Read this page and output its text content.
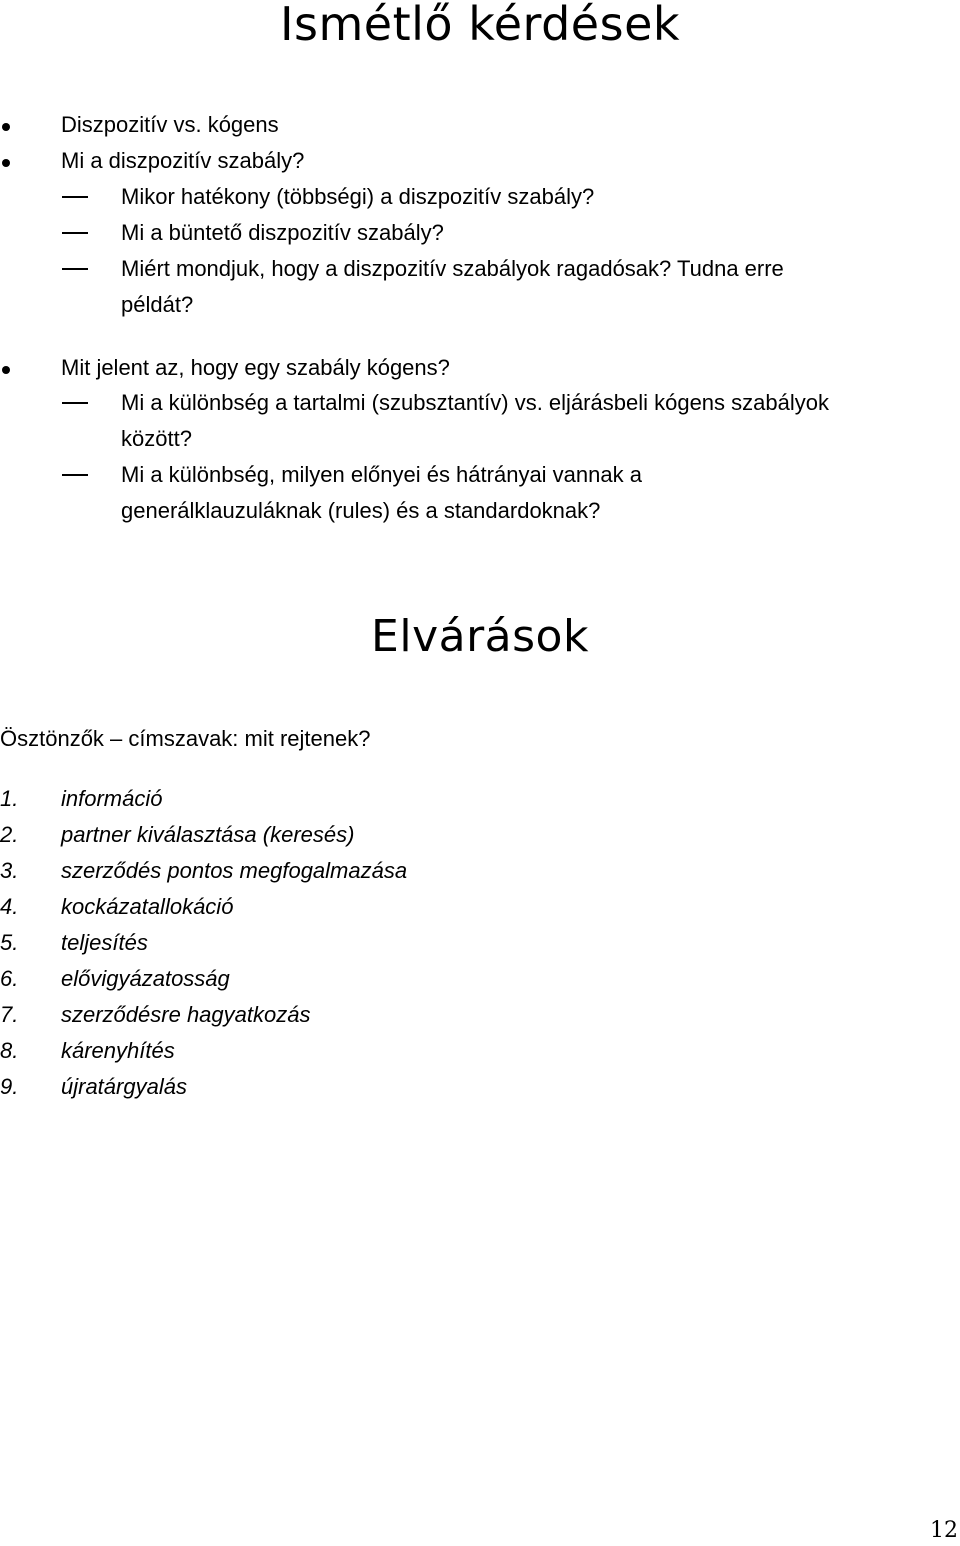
Ismétlő kérdések
Diszpozitív vs. kógens
Mi a diszpozitív szabály?
Mikor hatékony (többségi) a diszpozitív szabály?
Mi a büntető diszpozitív szabály?
Miért mondjuk, hogy a diszpozitív szabályok ragadósak? Tudna erre
példát?
Mit jelent az, hogy egy szabály kógens?
Mi a különbség a tartalmi (szubsztantív) vs. eljárásbeli kógens szabályok
között?
Mi a különbség, milyen előnyei és hátrányai vannak a
generálklauzuláknak (rules) és a standardoknak?
Elvárások
Ösztönzők – címszavak: mit rejtenek?
1. információ
2. partner kiválasztása (keresés)
3. szerződés pontos megfogalmazása
4. kockázatallokáció
5. teljesítés
6. elővigyázatosság
7. szerződésre hagyatkozás
8. kárenyhítés
9. újratárgyalás
12
